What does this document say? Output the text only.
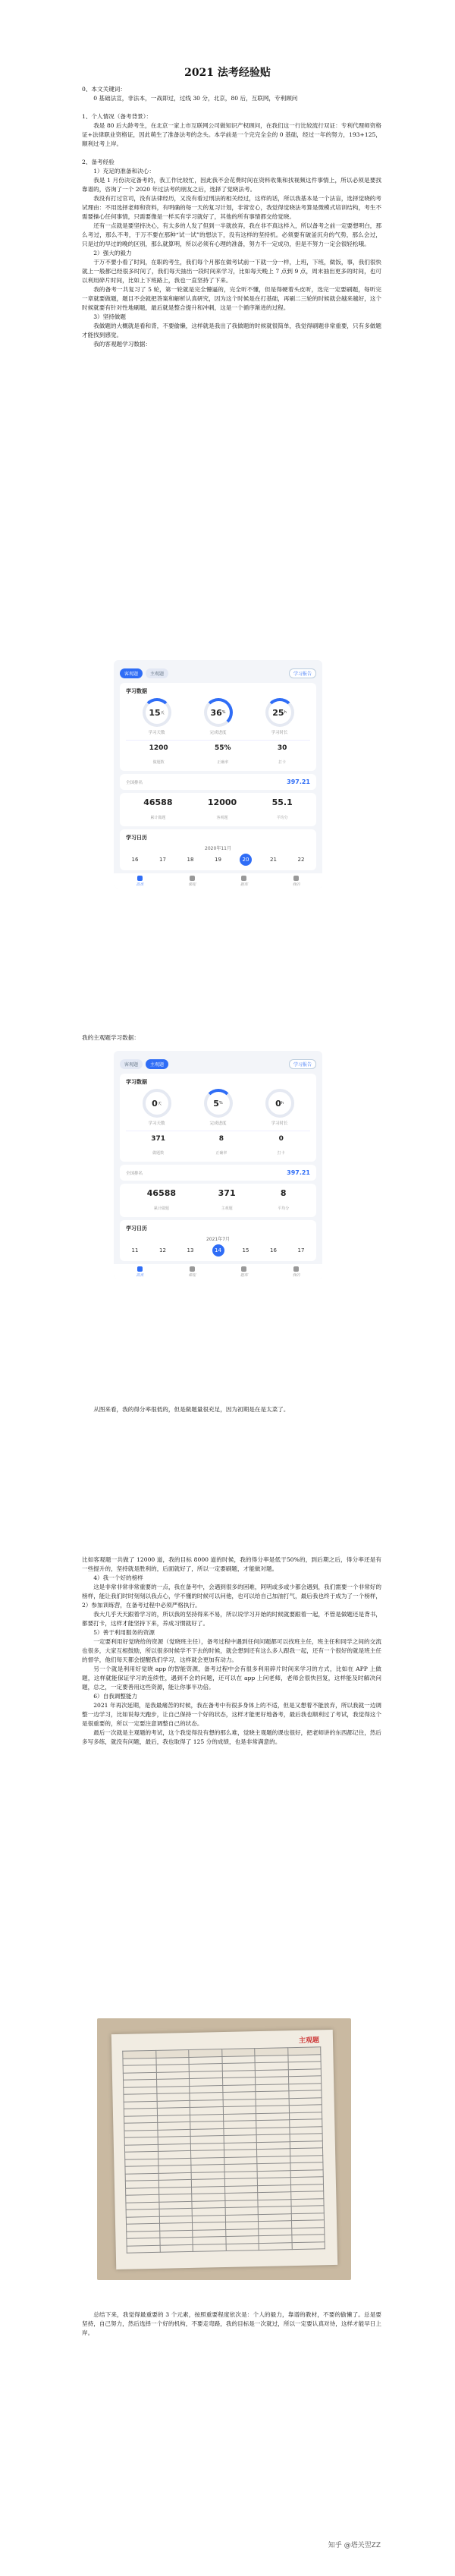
2021 法考经验贴

0、本文关键词：

0 基础法宣，非法本，一战即过，过线 30 分，北京，80 后，互联网，专利顾问

1、个人情况（备考背景）：

我是 80 后大龄考生，在北京一家上市互联网公司做知识产权顾问，在我们这一行比较流行双证：专利代理师资格证+法律职业资格证，因此萌生了准备法考的念头。本学前是一个完完全全的 0 基础，经过一年的努力，193+125，顺利过考上岸。

2、备考经验

1）充足的准备和决心：

我是 1 月份决定备考的，我工作比较忙，因此我不会花费时间在资料收集和找视频这件事情上，所以必须是要找靠谱的，咨询了一个 2020 年过法考的朋友之后，选择了觉晓法考。

我没有打过官司，没有法律经历，又没有看过刑法的相关经过，这样的话，所以我基本是一个法盲，选择觉晓的考试理由：不用选择老师和资料，有明确的每一天的复习计划，非常安心，我觉得觉晓法考算是微模式培训结构，考生不需要操心任何事情，只需要像是一样买有学习就好了，其他的所有事情都交给觉晓。

还有一点就是要坚持决心，有太多的人发了但到一半就放弃，我在非不真这样入，所以备考之前一定要想明白，那么考过，那么不考，于万不要在那种“试一试”的想法下，没有这样的坚持机。必须要有破釜沉舟的气势，那么会过，只是过的早过的晚的区别，那么就算明，所以必须有心理的准备，努力不一定成功，但是不努力一定会很轻松哦。

2）强大的毅力

于万不要小看了时间，在职的考生，我们每个月都在做考试前一下就一分一样，上班，下班，做饭，事，我们很快就上一般都已经很多时间了，我们每天抽出一段时间来学习，比如每天晚上 7 点到 9 点，周末抽出更多的时间，也可以利用碎片时间，比如上下班路上，我也一直坚持了下来。

我的备考一共复习了 5 轮，第一轮就是完全懵逼的，完全听不懂，但是得硬着头皮听，选完一定要刷题，每听完一章就要做题，题目不会就把答案和解析认真研究，因为这个时候是在打基础，再刷二三轮的时候就会越来越好，这个时候就要有针对性地刷题，最后就是整合提升和冲刺，这是一个循序渐进的过程。

3）坚持做题

我做题的大概就是看和背，不要偷懒，这样就是我出了我做题的时候就很简单，我觉得刷题非常重要，只有多做题才能找到感觉。

我的客观题学习数据：

客观题	主观题	学习报告
学习数据
15 天
学习天数
36 %
完成进度
25 h
学习时长
1200
做题数
55%
正确率
30
打卡
全国排名	397.21
46588
累计做题
12000
客观题
55.1
平均分
学习日历
2020年11月
16	17	18	19	20	21	22
首页	课程	题库	我的

我的主观题学习数据：

客观题	主观题	学习报告
学习数据
0 天
学习天数
5 %
完成进度
0 h
学习时长
371
做题数
8
正确率
0
打卡
全国排名	397.21
46588
累计做题
371
主观题
8
平均分
学习日历
2021年7月
11	12	13	14	15	16	17
首页	课程	题库	我的

从图来看，我的得分率很低的，但是做题量很充足，因为初期是在是太菜了。

比如客观题一共做了 12000 道，我的目标 8000 道的时候，我的得分率是低于50%的，到后期之后，得分率还是有一些提升的，坚持就是胜利的，后面就好了，所以一定要刷题，才能做对题。

4）我一个好的榜样

这是非常非常非常重要的一点，我在备考中，会遇到很多的困难，阿明或多或少都会遇到，我们需要一个非常好的榜样，能让我们时时刻刻以我点心，学不懂的时候可以问他，也可以给自己加油打气，最后我也终于成为了一个榜样，2）参加训练营，在备考过程中必须严格执行。

我大几乎天天跟着学习的，所以我的坚持得来不易，所以说学习开始的时候就要跟着一起，不管是做题还是背书，都要打卡，这样才能坚持下来，养成习惯就好了。

5）善于利用服务的资源

一定要利用好觉晓给的资源（觉晓班主任），备考过程中遇到任何问题都可以找班主任，班主任和同学之间的交流也很多，大家互相鼓励，所以很多时候学不下去的时候，就会想到还有这么多人跟我一起，还有一个很好的就是班主任的督学，他们每天都会提醒我们学习，这样就会更加有动力。

另一个就是利用好觉晓 app 的智能资源，备考过程中会有很多利用碎片时间来学习的方式，比如在 APP 上做题，这样就能保证学习的连续性，遇到不会的问题，还可以在 app 上问老师，老师会很快回复，这样能及时解决问题，总之，一定要善用这些资源，能让你事半功倍。

6）自我调整能力

2021 年再次延期，是我最痛苦的时候，我在备考中有很多身体上的不适，但是又想着不能放弃，所以我就一边调整一边学习，比如说每天跑步，让自己保持一个好的状态，这样才能更好地备考，最后我也顺利过了考试，我觉得这个是很重要的，所以一定要注意调整自己的状态。

最后一次就是主观题的考试，这个我觉得没有想的那么难，觉晓主观题的课也很好，把老师讲的东西都记住，然后多写多练，就没有问题，最后，我也取得了 125 分的成绩，也是非常满意的。

主观题

总结下来，我觉得最重要的 3 个元素，按照重要程度依次是：个人的毅力，靠谱的教材，不要的偷懒了。总是要坚持，自己努力，然后选择一个好的机构，不要走弯路，我的目标是一次就过，所以一定要认真对待，这样才能早日上岸。

知乎 @塔关翌ZZ
